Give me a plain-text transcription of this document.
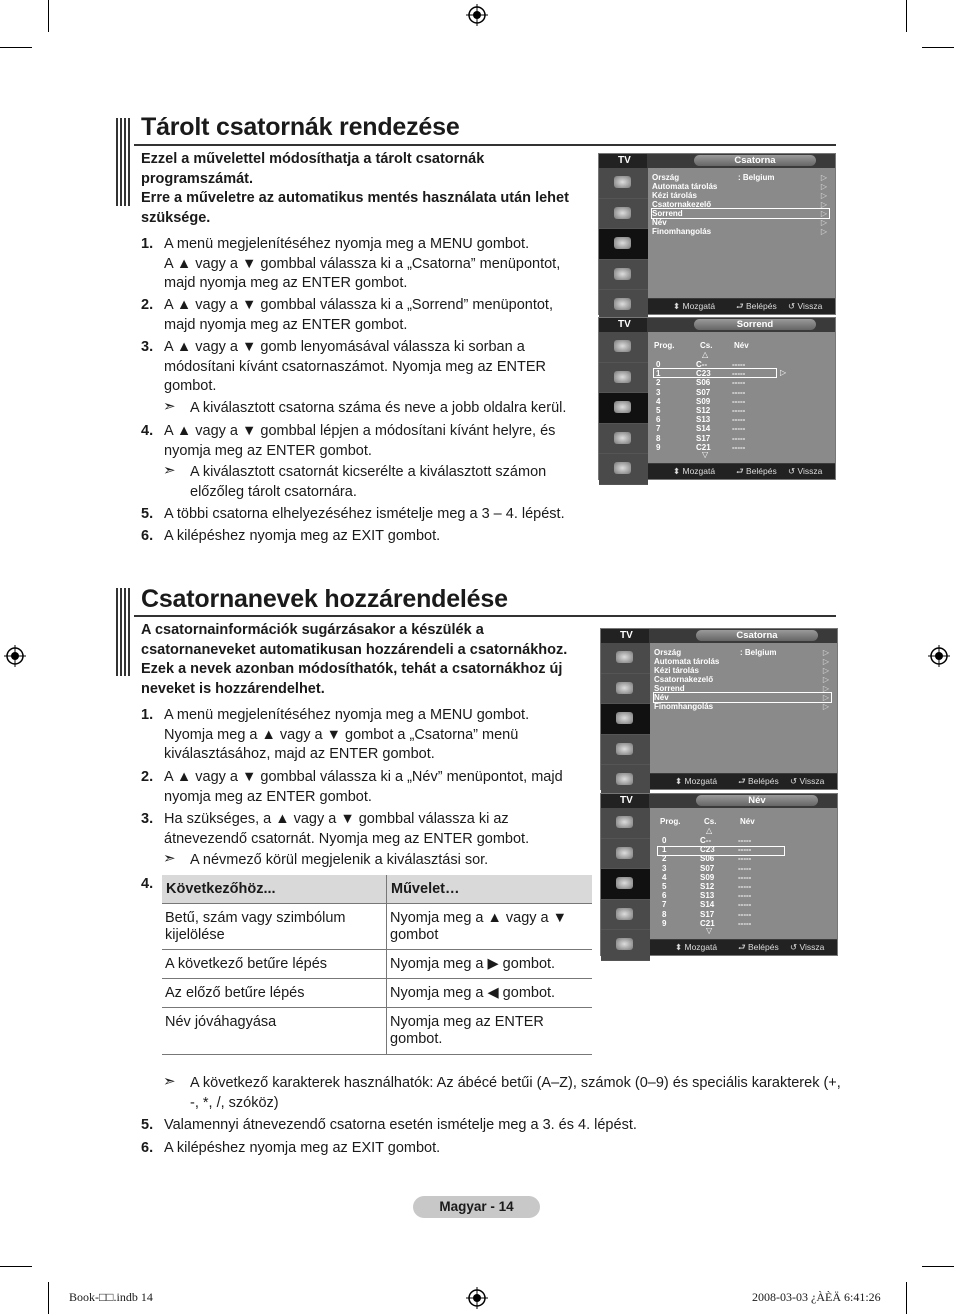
Tárolt csatornák rendezése
Ezzel a művelettel módosíthatja a tárolt csatornák
programszámát.
Erre a műveletre az automatikus mentés használata után lehet
szüksége.
1. A menü megjelenítéséhez nyomja meg a MENU gombot.
A ▲ vagy a ▼ gombbal válassza ki a „Csatorna” menüpontot,
majd nyomja meg az ENTER gombot.
2. A ▲ vagy a ▼ gombbal válassza ki a „Sorrend” menüpontot,
majd nyomja meg az ENTER gombot.
3. A ▲ vagy a ▼ gomb lenyomásával válassza ki sorban a
módosítani kívánt csatornaszámot. Nyomja meg az ENTER
gombot.
➣ A kiválasztott csatorna száma és neve a jobb oldalra kerül.
4. A ▲ vagy a ▼ gombbal lépjen a módosítani kívánt helyre, és
nyomja meg az ENTER gombot.
➣ A kiválasztott csatornát kicserélte a kiválasztott számon előzőleg tárolt csatornára.
5. A többi csatorna elhelyezéséhez ismételje meg a 3 – 4. lépést.
6. A kilépéshez nyomja meg az EXIT gombot.
TV	Csatorna
Ország	: Belgium
Automata tárolás
Kézi tárolás
Csatornakezelő
Sorrend
Név
Finomhangolás
▷
▷
▷
▷
▷
▷
▷
⬍ Mozgatá ⮐ Belépés ↺ Vissza
TV	Sorrend
Prog.	Cs.	Név
△
0	C--	-----
1	C23	-----
2	S06	-----
3	S07	-----
4	S09	-----
5	S12	-----
6	S13	-----
7	S14	-----
8	S17	-----
9	C21	-----
▽
▷
⬍ Mozgatá ⮐ Belépés ↺ Vissza
Csatornanevek hozzárendelése
A csatornainformációk sugárzásakor a készülék a
csatornaneveket automatikusan hozzárendeli a csatornákhoz.
Ezek a nevek azonban módosíthatók, tehát a csatornákhoz új
neveket is hozzárendelhet.
1. A menü megjelenítéséhez nyomja meg a MENU gombot.
Nyomja meg a ▲ vagy a ▼ gombot a „Csatorna” menü
kiválasztásához, majd az ENTER gombot.
2. A ▲ vagy a ▼ gombbal válassza ki a „Név” menüpontot, majd
nyomja meg az ENTER gombot.
3. Ha szükséges, a ▲ vagy a ▼ gombbal válassza ki az
átnevezendő csatornát. Nyomja meg az ENTER gombot.
➣ A névmező körül megjelenik a kiválasztási sor.
4. Következőhöz...	Művelet…
Betű, szám vagy szimbólum kijelölése	Nyomja meg a ▲ vagy a ▼ gombot
A következő betűre lépés	Nyomja meg a ▶ gombot.
Az előző betűre lépés	Nyomja meg a ◀ gombot.
Név jóváhagyása	Nyomja meg az ENTER gombot.
➣ A következő karakterek használhatók: Az ábécé betűi (A–Z), számok (0–9) és speciális karakterek (+, -, *, /, szóköz)
5. Valamennyi átnevezendő csatorna esetén ismételje meg a 3. és 4. lépést.
6. A kilépéshez nyomja meg az EXIT gombot.
TV	Csatorna
Ország	: Belgium
Automata tárolás
Kézi tárolás
Csatornakezelő
Sorrend
Név
Finomhangolás
▷
▷
▷
▷
▷
▷
▷
⬍ Mozgatá ⮐ Belépés ↺ Vissza
TV	Név
Prog.	Cs.	Név
△
0	C--	-----
1	C23	-----
2	S06	-----
3	S07	-----
4	S09	-----
5	S12	-----
6	S13	-----
7	S14	-----
8	S17	-----
9	C21	-----
▽
⬍ Mozgatá ⮐ Belépés ↺ Vissza
Magyar - 14
Book-□□.indb 14	2008-03-03 ¿ÀÈÄ 6:41:26
